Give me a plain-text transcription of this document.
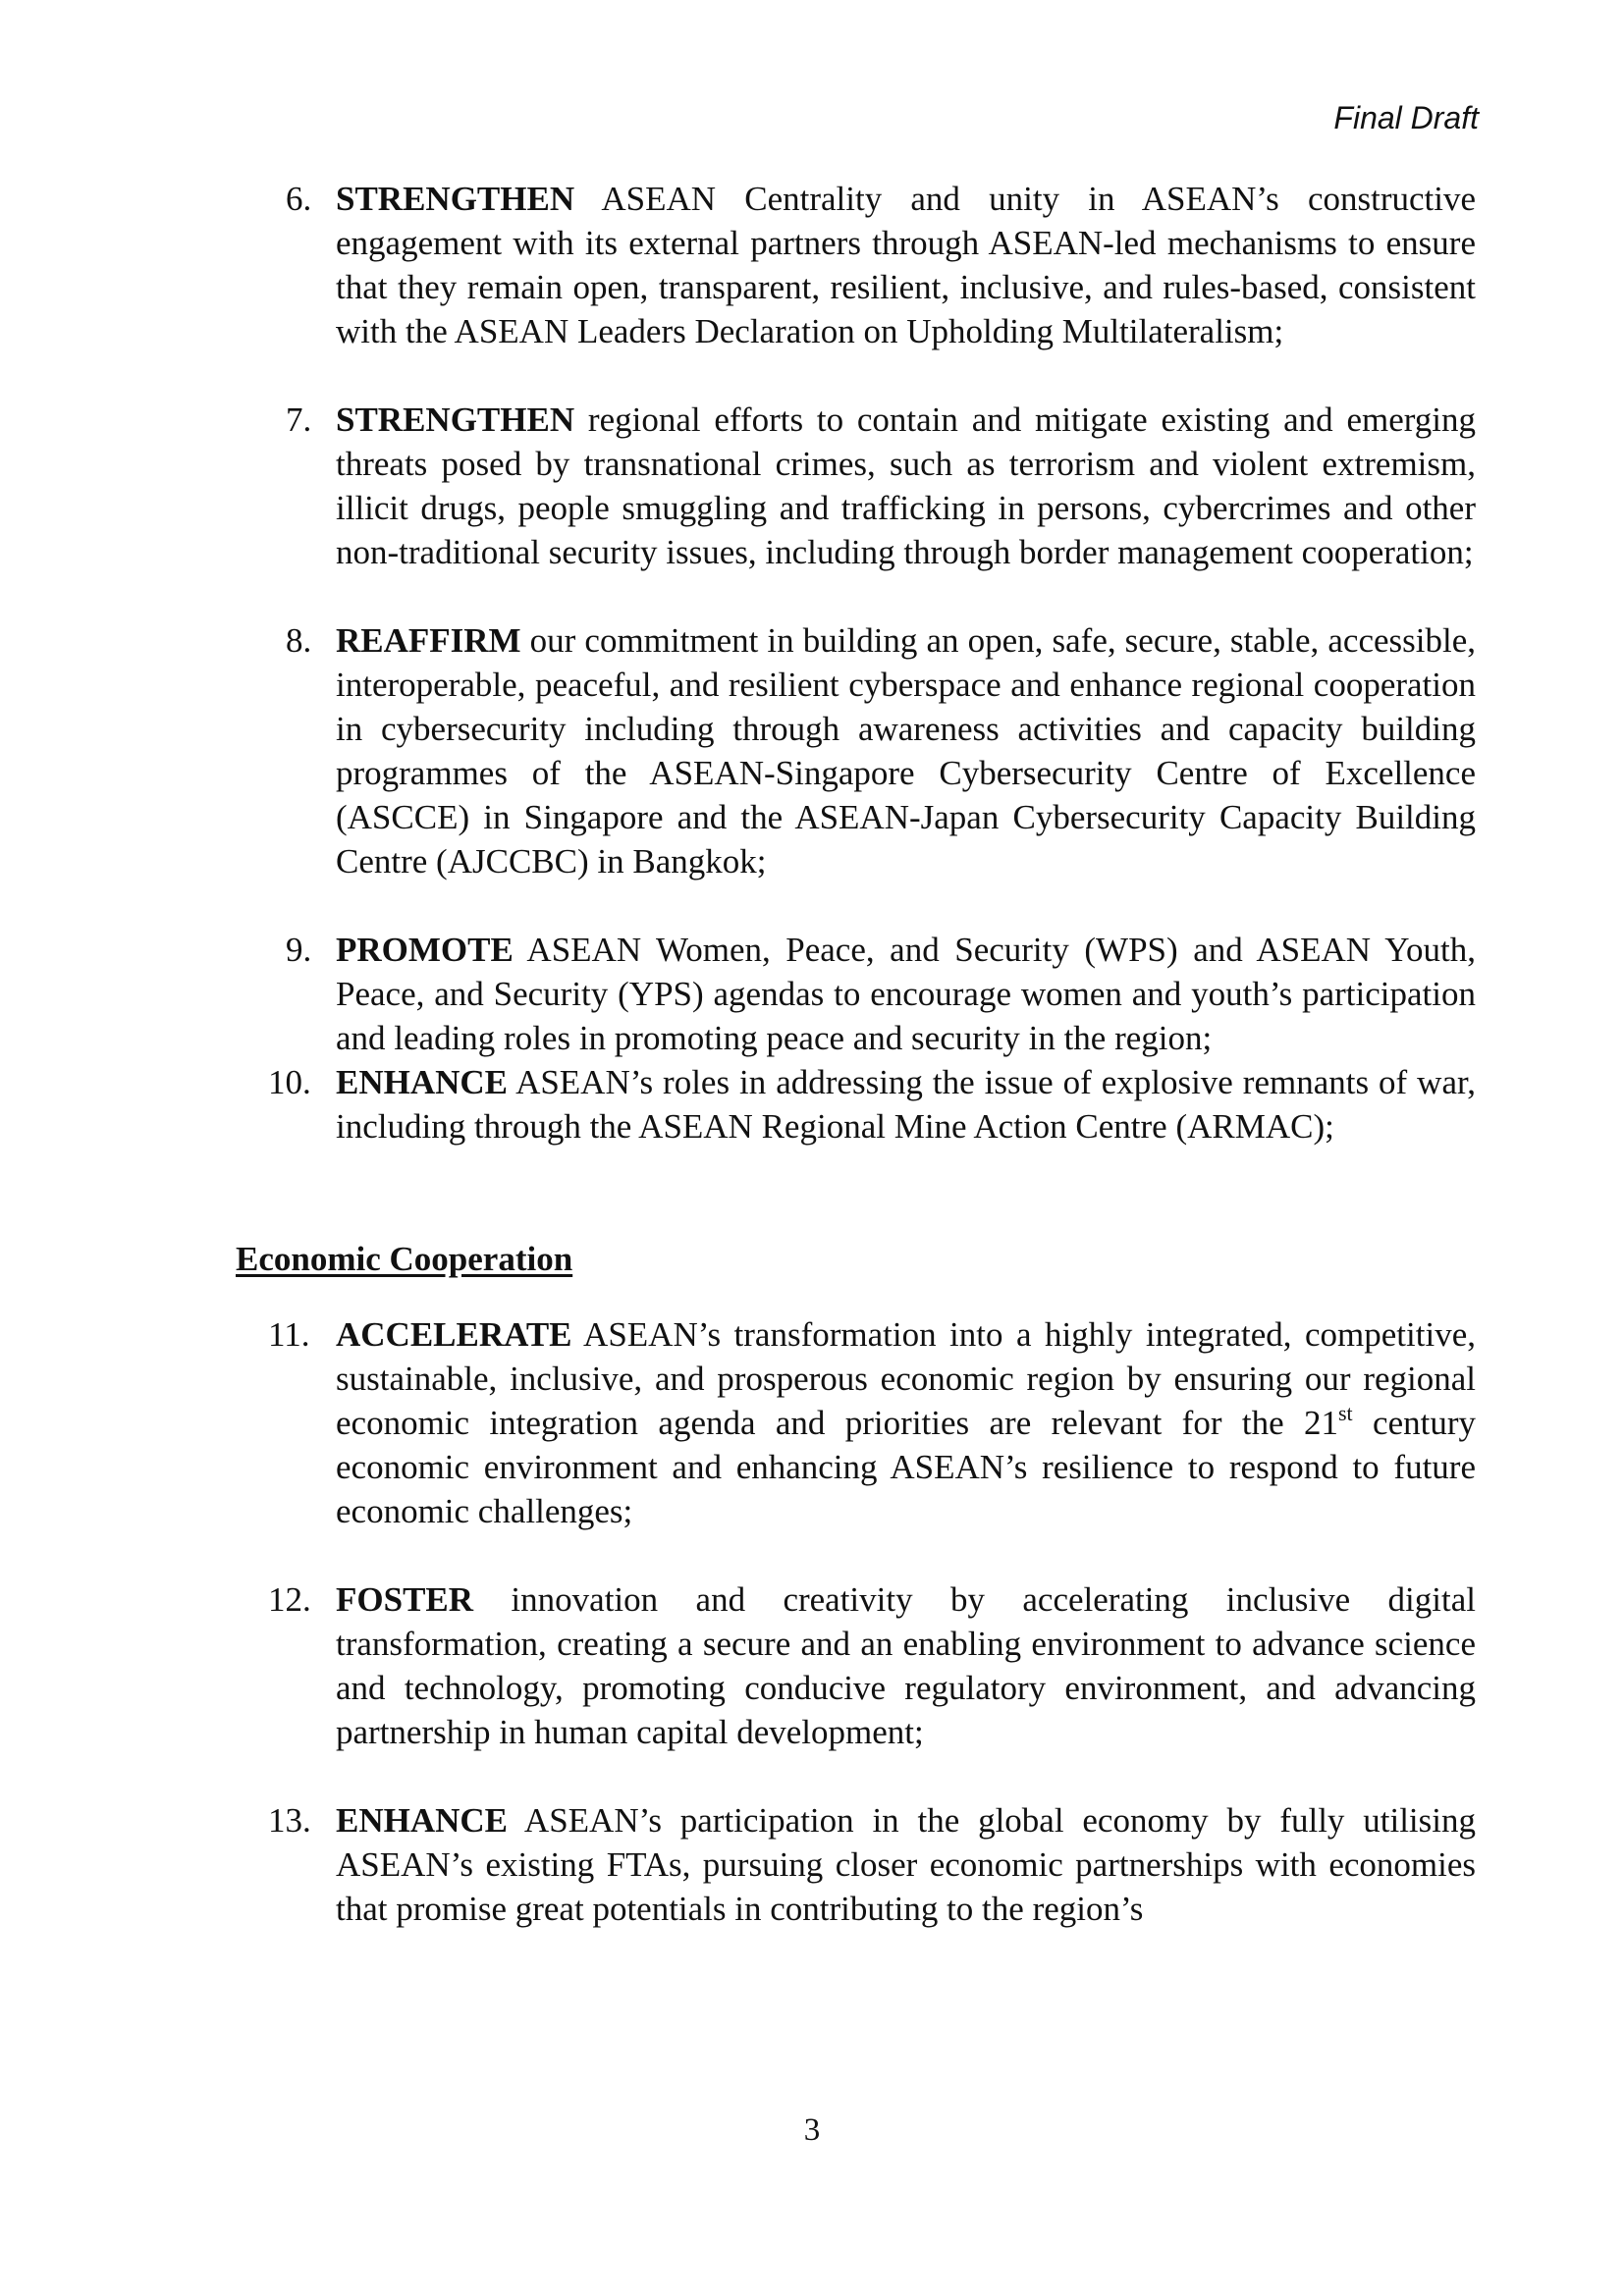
Final Draft
6. STRENGTHEN ASEAN Centrality and unity in ASEAN’s constructive engagement with its external partners through ASEAN-led mechanisms to ensure that they remain open, transparent, resilient, inclusive, and rules-based, consistent with the ASEAN Leaders Declaration on Upholding Multilateralism;
7. STRENGTHEN regional efforts to contain and mitigate existing and emerging threats posed by transnational crimes, such as terrorism and violent extremism, illicit drugs, people smuggling and trafficking in persons, cybercrimes and other non-traditional security issues, including through border management cooperation;
8. REAFFIRM our commitment in building an open, safe, secure, stable, accessible, interoperable, peaceful, and resilient cyberspace and enhance regional cooperation in cybersecurity including through awareness activities and capacity building programmes of the ASEAN-Singapore Cybersecurity Centre of Excellence (ASCCE) in Singapore and the ASEAN-Japan Cybersecurity Capacity Building Centre (AJCCBC) in Bangkok;
9. PROMOTE ASEAN Women, Peace, and Security (WPS) and ASEAN Youth, Peace, and Security (YPS) agendas to encourage women and youth’s participation and leading roles in promoting peace and security in the region;
10. ENHANCE ASEAN’s roles in addressing the issue of explosive remnants of war, including through the ASEAN Regional Mine Action Centre (ARMAC);
Economic Cooperation
11. ACCELERATE ASEAN’s transformation into a highly integrated, competitive, sustainable, inclusive, and prosperous economic region by ensuring our regional economic integration agenda and priorities are relevant for the 21st century economic environment and enhancing ASEAN’s resilience to respond to future economic challenges;
12. FOSTER innovation and creativity by accelerating inclusive digital transformation, creating a secure and an enabling environment to advance science and technology, promoting conducive regulatory environment, and advancing partnership in human capital development;
13. ENHANCE ASEAN’s participation in the global economy by fully utilising ASEAN’s existing FTAs, pursuing closer economic partnerships with economies that promise great potentials in contributing to the region’s
3
